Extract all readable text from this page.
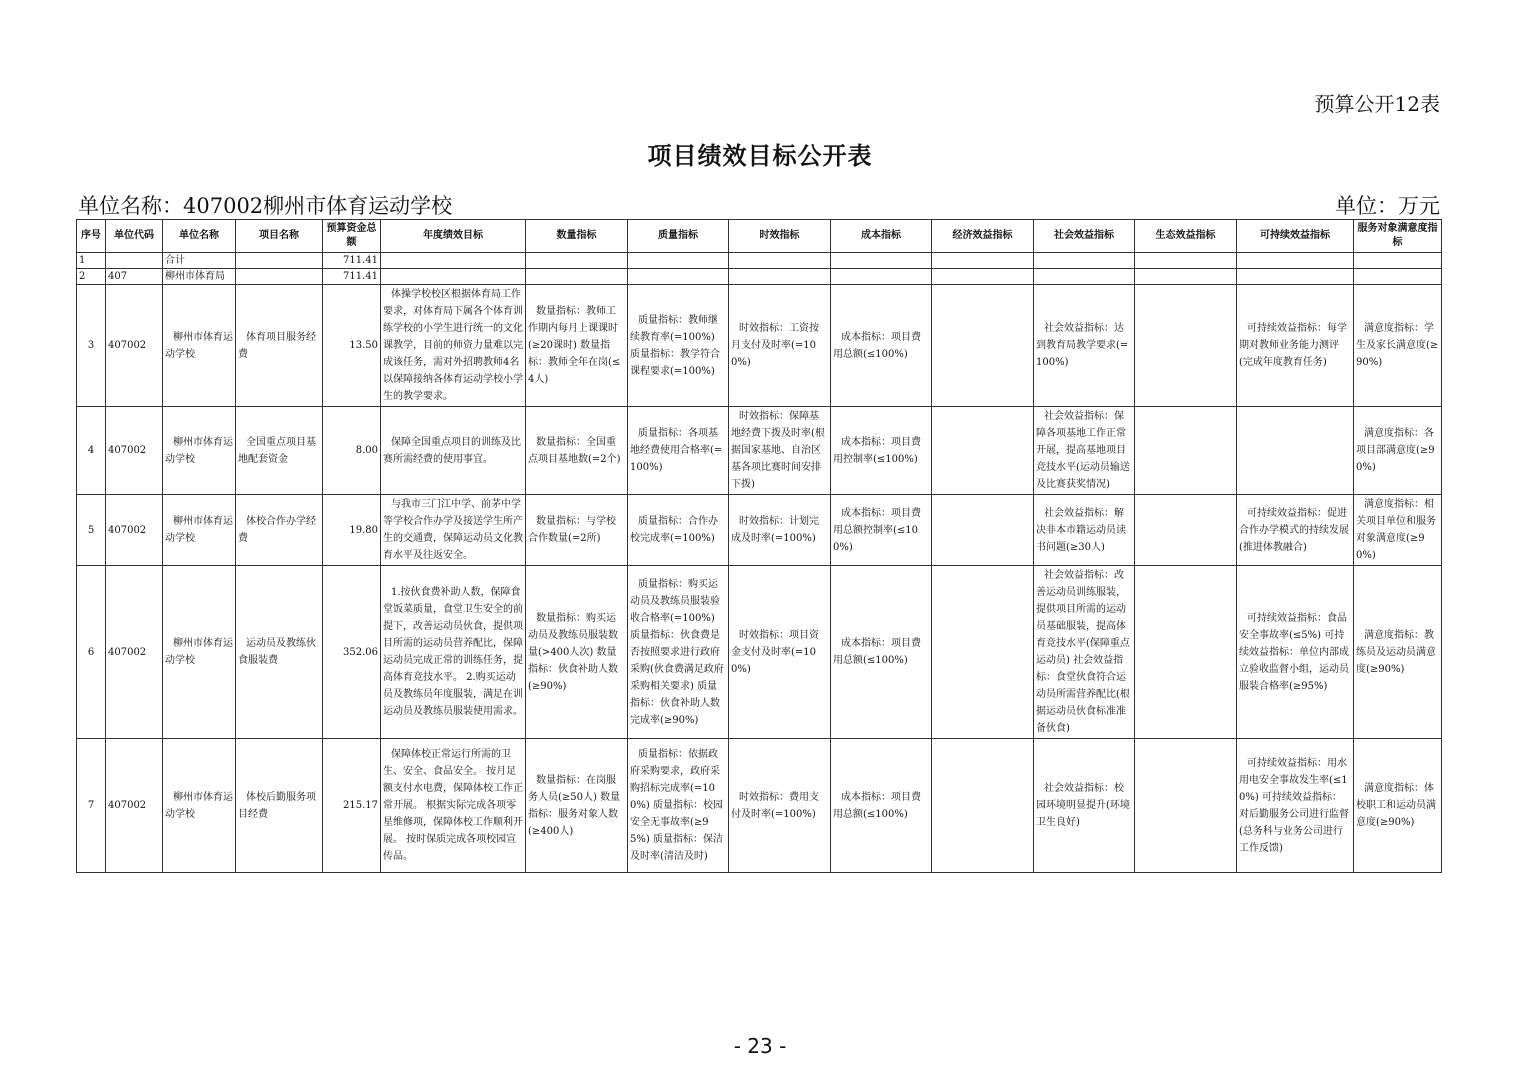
预算公开12表
项目绩效目标公开表
单位名称：407002柳州市体育运动学校	单位：万元
序号	单位代码	单位名称	项目名称	预算资金总额	年度绩效目标	数量指标	质量指标	时效指标	成本指标	经济效益指标	社会效益指标	生态效益指标	可持续效益指标	服务对象满意度指标
1		合计		711.41										
2	407	柳州市体育局		711.41										
3	407002	柳州市体育运动学校	体育项目服务经费	13.50	体操学校校区根据体育局工作要求，对体育局下属各个体育训练学校的小学生进行统一的文化课教学，目前的师资力量难以完成该任务，需对外招聘教师4名以保障接纳各体育运动学校小学生的教学要求。	数量指标：教师工作期内每月上课课时(≥20课时) 数量指标：教师全年在岗(≤4人)	质量指标：教师继续教育率(=100%) 质量指标：教学符合课程要求(=100%)	时效指标：工资按月支付及时率(=100%)	成本指标：项目费用总额(≤100%)		社会效益指标：达到教育局教学要求(=100%)		可持续效益指标：每学期对教师业务能力测评(完成年度教育任务)	满意度指标：学生及家长满意度(≥90%)
4	407002	柳州市体育运动学校	全国重点项目基地配套资金	8.00	保障全国重点项目的训练及比赛所需经费的使用事宜。	数量指标：全国重点项目基地数(=2个)	质量指标：各项基地经费使用合格率(=100%)	时效指标：保障基地经费下拨及时率(根据国家基地、自治区基各项比赛时间安排下拨)	成本指标：项目费用控制率(≤100%)		社会效益指标：保障各项基地工作正常开展，提高基地项目竞技水平(运动员输送及比赛获奖情况)			满意度指标：各项目部满意度(≥90%)
5	407002	柳州市体育运动学校	体校合作办学经费	19.80	与我市三门江中学、前茅中学等学校合作办学及接送学生所产生的交通费，保障运动员文化教育水平及往返安全。	数量指标：与学校合作数量(=2所)	质量指标：合作办校完成率(=100%)	时效指标：计划完成及时率(=100%)	成本指标：项目费用总额控制率(≤100%)		社会效益指标：解决非本市籍运动员读书问题(≥30人)		可持续效益指标：促进合作办学模式的持续发展(推进体教融合)	满意度指标：相关项目单位和服务对象满意度(≥90%)
6	407002	柳州市体育运动学校	运动员及教练伙食服装费	352.06	1.按伙食费补助人数，保障食堂饭菜质量，食堂卫生安全的前提下，改善运动员伙食，提供项目所需的运动员营养配比，保障运动员完成正常的训练任务，提高体育竞技水平。 2.购买运动员及教练员年度服装，满足在训运动员及教练员服装使用需求。	数量指标：购买运动员及教练员服装数量(>400人次) 数量指标：伙食补助人数(≥90%)	质量指标：购买运动员及教练员服装验收合格率(=100%) 质量指标：伙食费是否按照要求进行政府采购(伙食费满足政府采购相关要求) 质量指标：伙食补助人数完成率(≥90%)	时效指标：项目资金支付及时率(=100%)	成本指标：项目费用总额(≤100%)		社会效益指标：改善运动员训练服装，提供项目所需的运动员基础服装，提高体育竞技水平(保障重点运动员) 社会效益指标：食堂伙食符合运动员所需营养配比(根据运动员伙食标准准备伙食)		可持续效益指标：食品安全事故率(≤5%) 可持续效益指标：单位内部成立验收监督小组，运动员服装合格率(≥95%)	满意度指标：教练员及运动员满意度(≥90%)
7	407002	柳州市体育运动学校	体校后勤服务项目经费	215.17	保障体校正常运行所需的卫生、安全、食品安全。 按月足额支付水电费，保障体校工作正常开展。 根据实际完成各项零星维修项，保障体校工作顺利开展。 按时保质完成各项校园宣传品。	数量指标：在岗服务人员(≥50人) 数量指标：服务对象人数(≥400人)	质量指标：依据政府采购要求，政府采购招标完成率(=100%) 质量指标：校园安全无事故率(≥95%) 质量指标：保洁及时率(清洁及时)	时效指标：费用支付及时率(=100%)	成本指标：项目费用总额(≤100%)		社会效益指标：校园环境明显提升(环境卫生良好)		可持续效益指标：用水用电安全事故发生率(≤10%) 可持续效益指标：对后勤服务公司进行监督(总务科与业务公司进行工作反馈)	满意度指标：体校职工和运动员满意度(≥90%)
- 23 -
